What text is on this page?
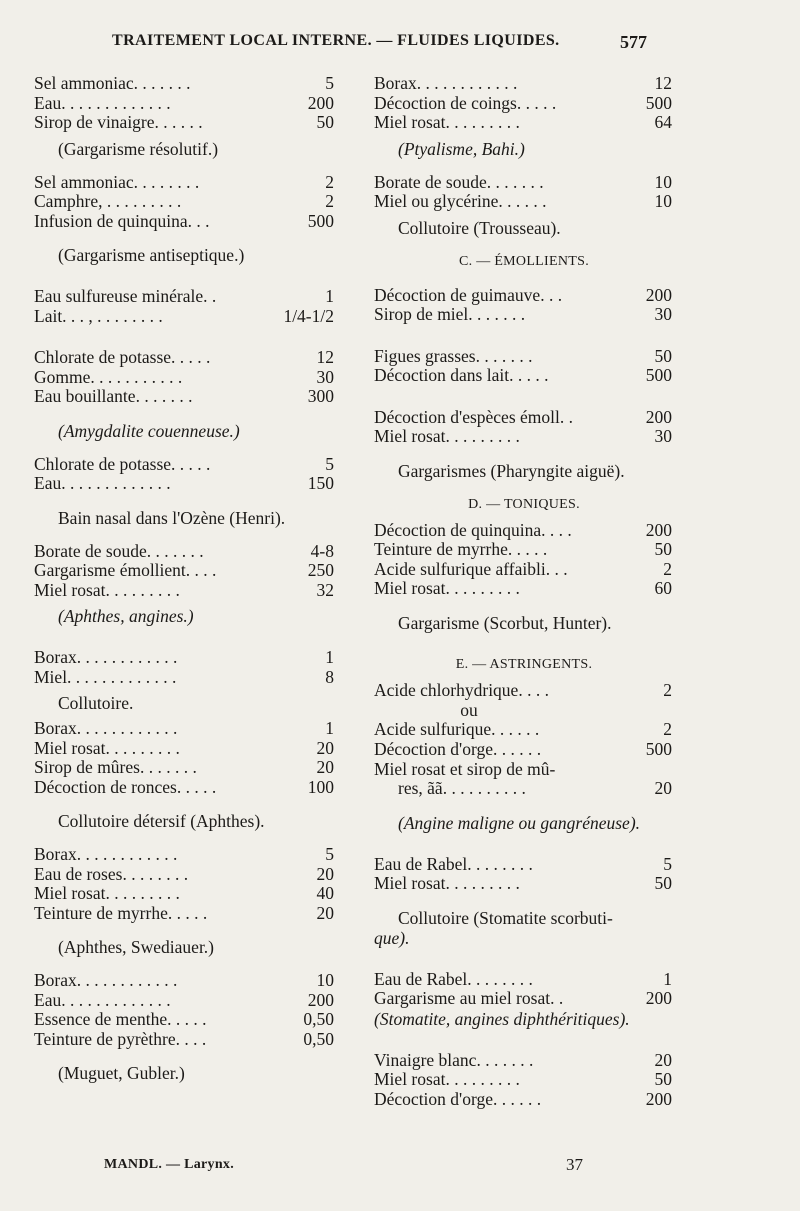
TRAITEMENT LOCAL INTERNE. — FLUIDES LIQUIDES.	577
Sel ammoniac. . . . . . .	5
Eau. . . . . . . . . . . . .	200
Sirop de vinaigre. . . . . .	50
(Gargarisme résolutif.)
Sel ammoniac. . . . . . . .	2
Camphre, . . . . . . . . .	2
Infusion de quinquina. . .	500
(Gargarisme antiseptique.)
Eau sulfureuse minérale. .	1
Lait. . . , . . . . . . . .	1/4-1/2
Chlorate de potasse. . . . .	12
Gomme. . . . . . . . . . .	30
Eau bouillante. . . . . . .	300
(Amygdalite couenneuse.)
Chlorate de potasse. . . . .	5
Eau. . . . . . . . . . . . .	150
Bain nasal dans l'Ozène (Henri).
Borate de soude. . . . . . .	4-8
Gargarisme émollient. . . .	250
Miel rosat. . . . . . . . .	32
(Aphthes, angines.)
Borax. . . . . . . . . . . .	1
Miel. . . . . . . . . . . . .	8
Collutoire.
Borax. . . . . . . . . . . .	1
Miel rosat. . . . . . . . .	20
Sirop de mûres. . . . . . .	20
Décoction de ronces. . . . .	100
Collutoire détersif (Aphthes).
Borax. . . . . . . . . . . .	5
Eau de roses. . . . . . . .	20
Miel rosat. . . . . . . . .	40
Teinture de myrrhe. . . . .	20
(Aphthes, Swediauer.)
Borax. . . . . . . . . . . .	10
Eau. . . . . . . . . . . . .	200
Essence de menthe. . . . .	0,50
Teinture de pyrèthre. . . .	0,50
(Muguet, Gubler.)
Borax. . . . . . . . . . . .	12
Décoction de coings. . . . .	500
Miel rosat. . . . . . . . .	64
(Ptyalisme, Bahi.)
Borate de soude. . . . . . .	10
Miel ou glycérine. . . . . .	10
Collutoire (Trousseau).
C. — ÉMOLLIENTS.
Décoction de guimauve. . .	200
Sirop de miel. . . . . . .	30
Figues grasses. . . . . . .	50
Décoction dans lait. . . . .	500
Décoction d'espèces émoll. .	200
Miel rosat. . . . . . . . .	30
Gargarismes (Pharyngite aiguë).
D. — TONIQUES.
Décoction de quinquina. . . .	200
Teinture de myrrhe. . . . .	50
Acide sulfurique affaibli. . .	2
Miel rosat. . . . . . . . .	60
Gargarisme (Scorbut, Hunter).
E. — ASTRINGENTS.
Acide chlorhydrique. . . .	2
ou
Acide sulfurique. . . . . .	2
Décoction d'orge. . . . . .	500
Miel rosat et sirop de mû-
res, ãã. . . . . . . . . .	20
(Angine maligne ou gangréneuse).
Eau de Rabel. . . . . . . .	5
Miel rosat. . . . . . . . .	50
Collutoire (Stomatite scorbuti-
que).
Eau de Rabel. . . . . . . .	1
Gargarisme au miel rosat. .	200
(Stomatite, angines diphthéritiques).
Vinaigre blanc. . . . . . .	20
Miel rosat. . . . . . . . .	50
Décoction d'orge. . . . . .	200
MANDL. — Larynx.	37
